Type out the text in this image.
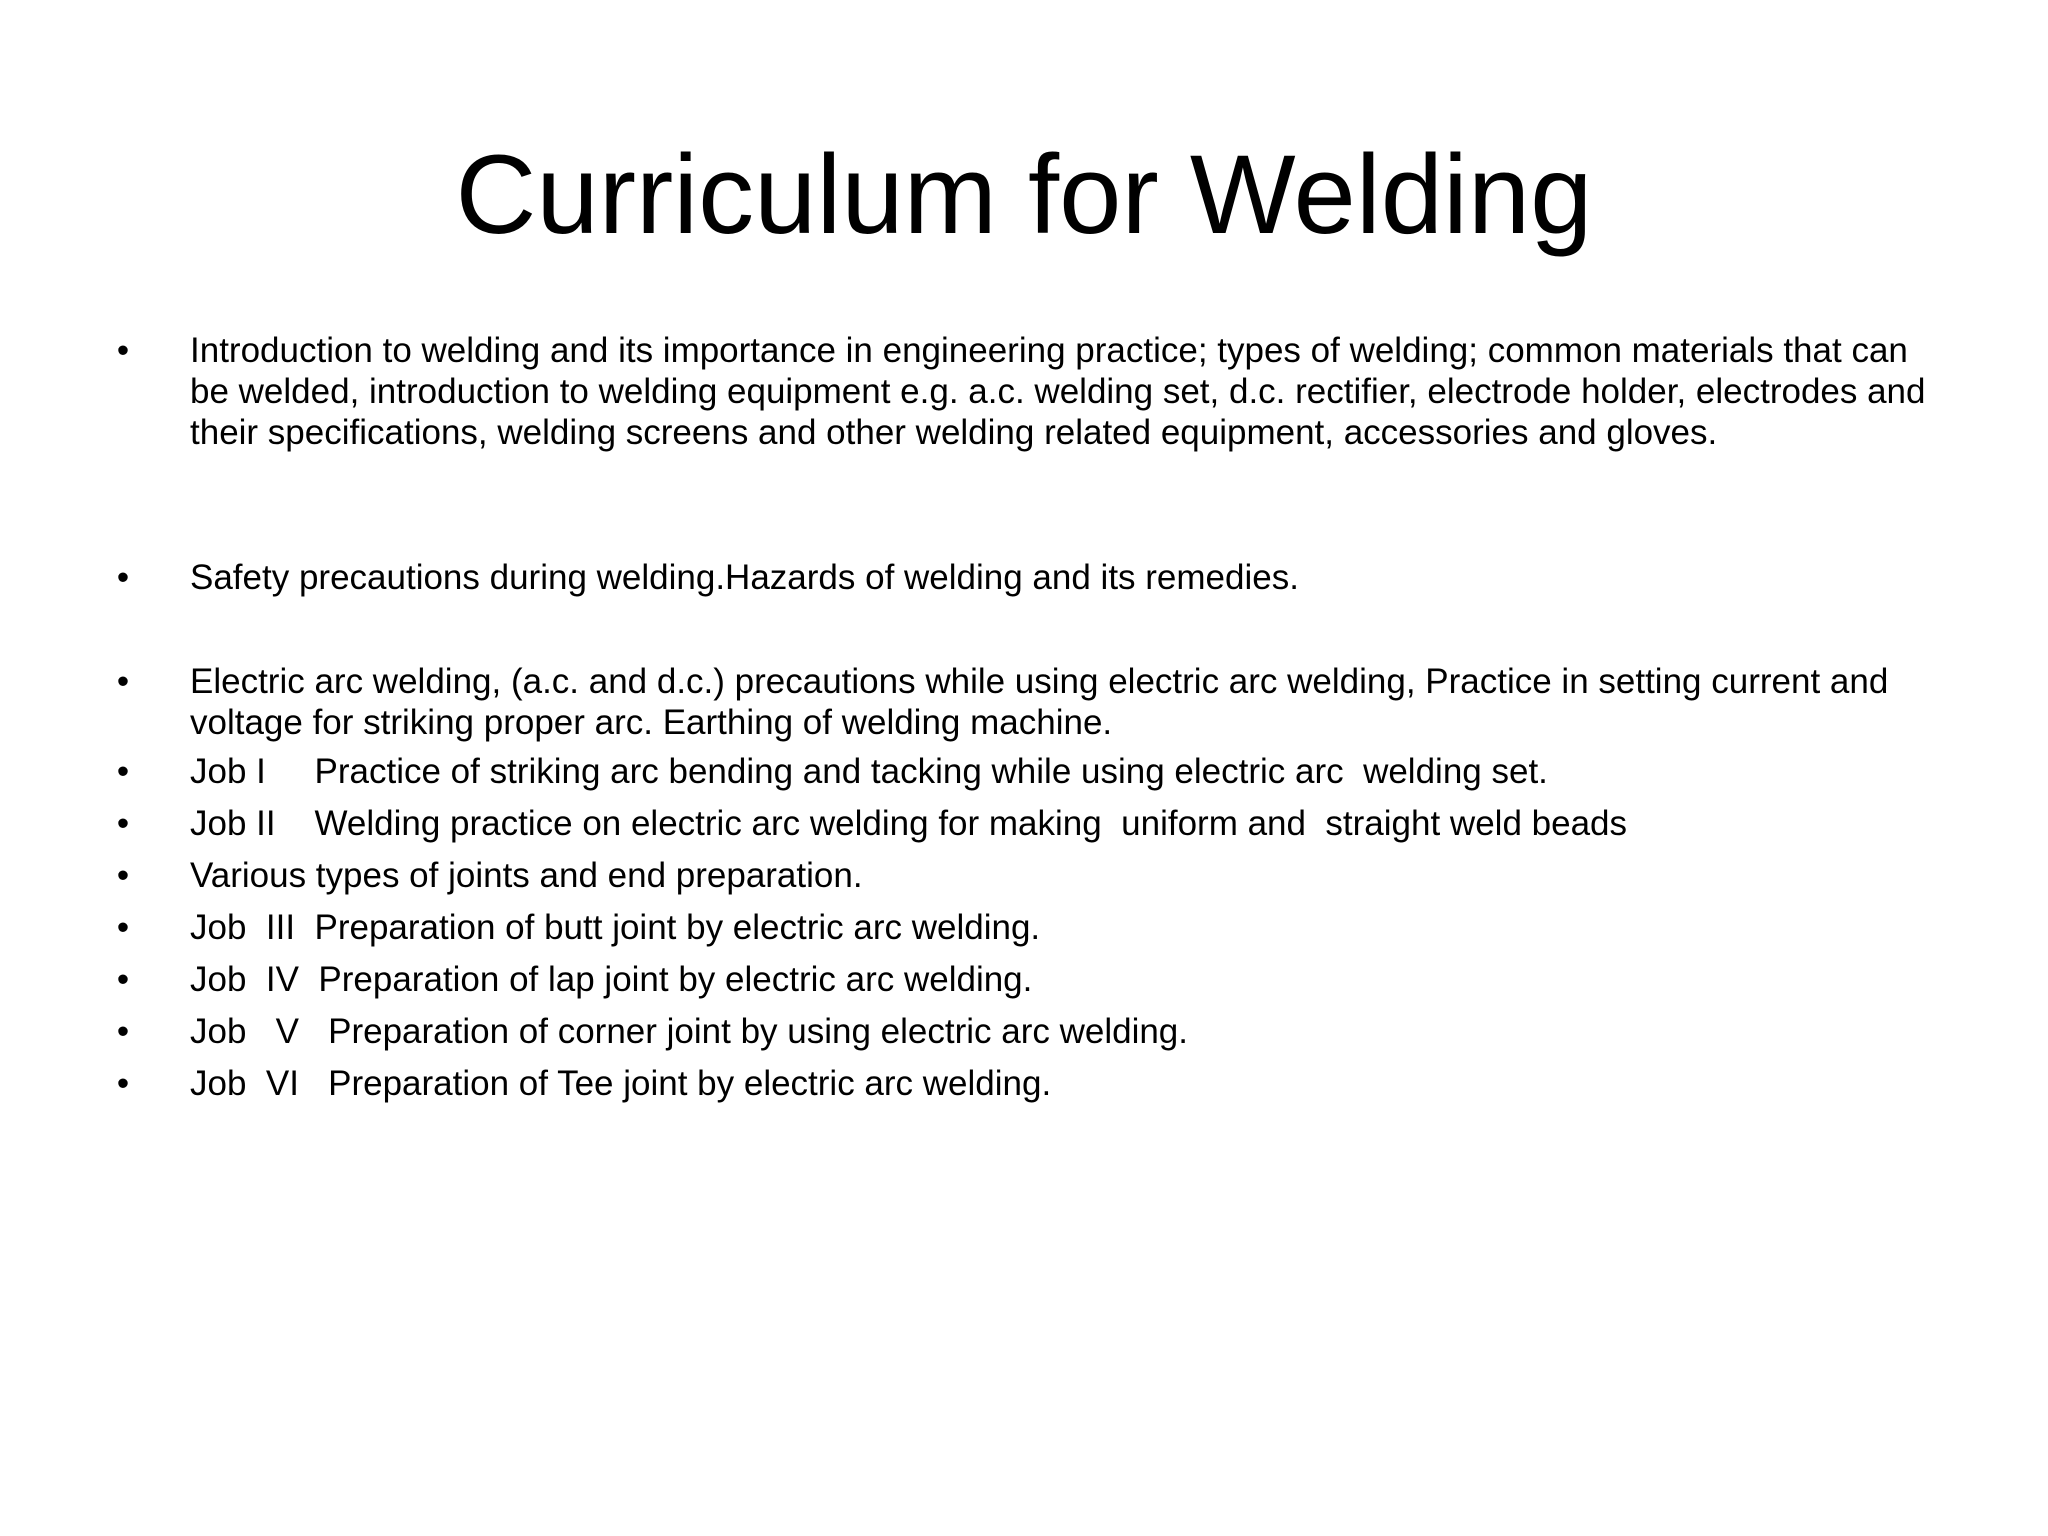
Curriculum for Welding
• Introduction to welding and its importance in engineering practice; types of welding; common materials that can be welded, introduction to welding equipment e.g. a.c. welding set, d.c. rectifier, electrode holder, electrodes and their specifications, welding screens and other welding related equipment, accessories and gloves.
• Safety precautions during welding.Hazards of welding and its remedies.
• Electric arc welding, (a.c. and d.c.) precautions while using electric arc welding, Practice in setting current and voltage for striking proper arc. Earthing of welding machine.
• Job I     Practice of striking arc bending and tacking while using electric arc  welding set.
• Job II    Welding practice on electric arc welding for making  uniform and  straight weld beads
• Various types of joints and end preparation.
• Job  III  Preparation of butt joint by electric arc welding.
• Job  IV  Preparation of lap joint by electric arc welding.
• Job   V   Preparation of corner joint by using electric arc welding.
• Job  VI   Preparation of Tee joint by electric arc welding.
